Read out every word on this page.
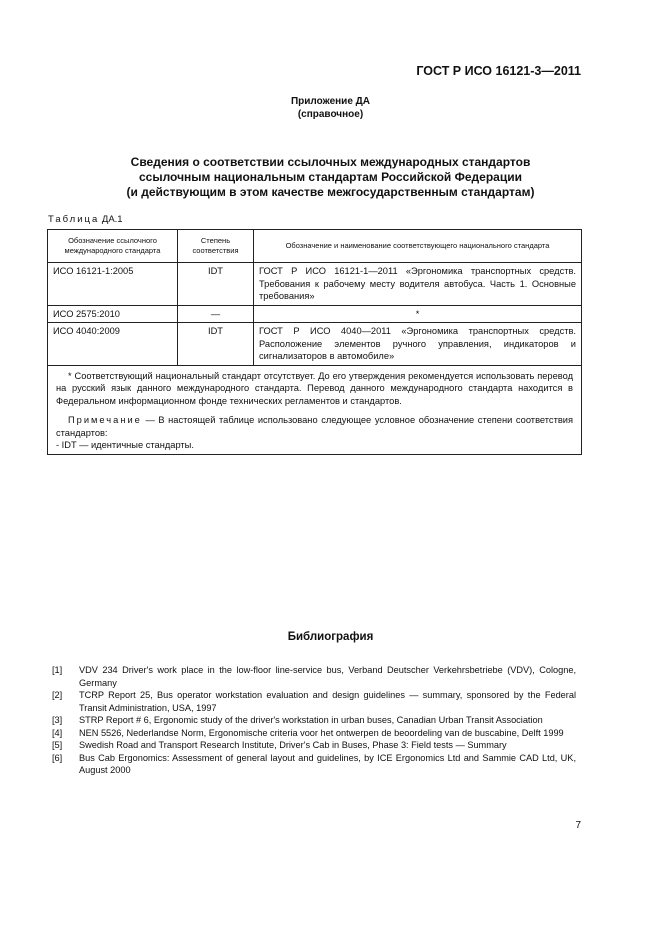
ГОСТ Р ИСО 16121-3—2011
Приложение ДА
(справочное)
Сведения о соответствии ссылочных международных стандартов
ссылочным национальным стандартам Российской Федерации
(и действующим в этом качестве межгосударственным стандартам)
Таблица ДА.1
Обозначение ссылочного международного стандарта	Степень соответствия	Обозначение и наименование соответствующего национального стандарта
ИСО 16121-1:2005	IDT	ГОСТ Р ИСО 16121-1—2011 «Эргономика транспортных средств. Требования к рабочему месту водителя автобуса. Часть 1. Основные требования»
ИСО 2575:2010	—	*
ИСО 4040:2009	IDT	ГОСТ Р ИСО 4040—2011 «Эргономика транспортных средств. Расположение элементов ручного управления, индикаторов и сигнализаторов в автомобиле»

* Соответствующий национальный стандарт отсутствует. До его утверждения рекомендуется использовать перевод на русский язык данного международного стандарта. Перевод данного международного стандарта находится в Федеральном информационном фонде технических регламентов и стандартов.

Примечание — В настоящей таблице использовано следующее условное обозначение степени соответствия стандартов:

- IDT — идентичные стандарты.		

Библиография
[1]	VDV 234 Driver's work place in the low-floor line-service bus, Verband Deutscher Verkehrsbetriebe (VDV), Cologne, Germany
[2]	TCRP Report 25, Bus operator workstation evaluation and design guidelines — summary, sponsored by the Federal Transit Administration, USA, 1997
[3]	STRP Report # 6, Ergonomic study of the driver's workstation in urban buses, Canadian Urban Transit Association
[4]	NEN 5526, Nederlandse Norm, Ergonomische criteria voor het ontwerpen de beoordeling van de buscabine, Delft 1999
[5]	Swedish Road and Transport Research Institute, Driver's Cab in Buses, Phase 3: Field tests — Summary
[6]	Bus Cab Ergonomics: Assessment of general layout and guidelines, by ICE Ergonomics Ltd and Sammie CAD Ltd, UK, August 2000
7
